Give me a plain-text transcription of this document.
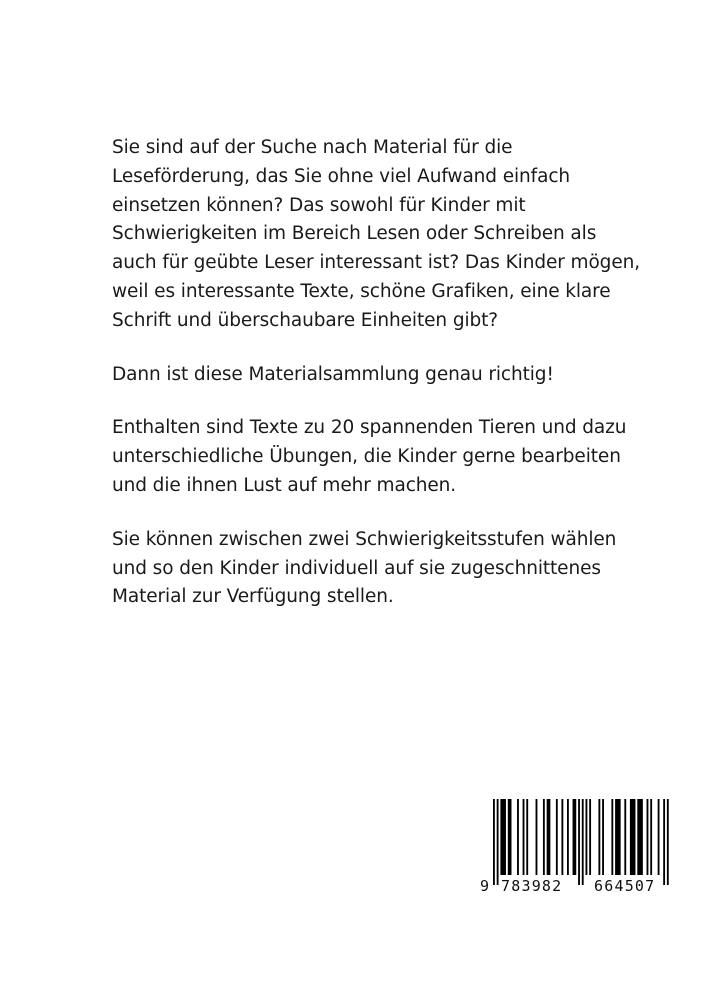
Sie sind auf der Suche nach Material für die
Leseförderung, das Sie ohne viel Aufwand einfach
einsetzen können? Das sowohl für Kinder mit
Schwierigkeiten im Bereich Lesen oder Schreiben als
auch für geübte Leser interessant ist? Das Kinder mögen,
weil es interessante Texte, schöne Grafiken, eine klare
Schrift und überschaubare Einheiten gibt?

Dann ist diese Materialsammlung genau richtig!

Enthalten sind Texte zu 20 spannenden Tieren und dazu
unterschiedliche Übungen, die Kinder gerne bearbeiten
und die ihnen Lust auf mehr machen.

Sie können zwischen zwei Schwierigkeitsstufen wählen
und so den Kinder individuell auf sie zugeschnittenes
Material zur Verfügung stellen.

9 783982 664507
